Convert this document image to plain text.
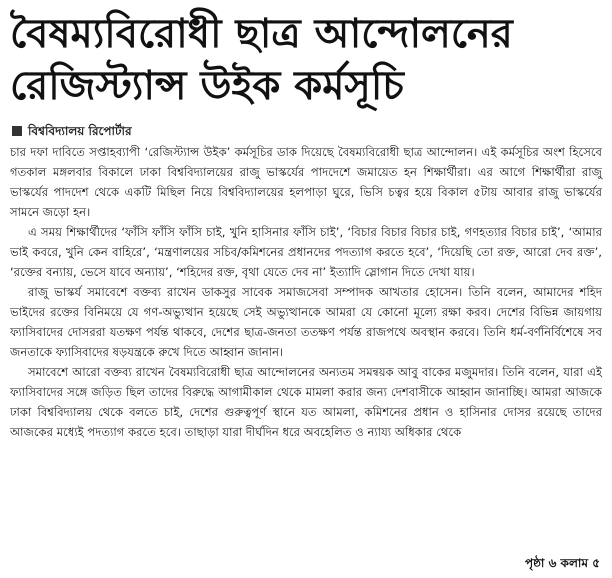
বৈষম্যবিরোধী ছাত্র আন্দোলনের
রেজিস্ট্যান্স উইক কর্মসূচি
বিশ্ববিদ্যালয় রিপোর্টার

চার দফা দাবিতে সপ্তাহব্যাপী ‘রেজিস্ট্যান্স উইক’ কর্মসূচির ডাক দিয়েছে বৈষম্যবিরোধী ছাত্র আন্দোলন। এই কর্মসূচির অংশ হিসেবে গতকাল মঙ্গলবার বিকালে ঢাকা বিশ্ববিদ্যালয়ের রাজু ভাস্কর্যের পাদদেশে জমায়েত হন শিক্ষার্থীরা। এর আগে শিক্ষার্থীরা রাজু ভাস্কর্যের পাদদেশ থেকে একটি মিছিল নিয়ে বিশ্ববিদ্যালয়ের হলপাড়া ঘুরে, ভিসি চত্বর হয়ে বিকাল ৫টায় আবার রাজু ভাস্কর্যের সামনে জড়ো হন।

এ সময় শিক্ষার্থীদের ‘ফাঁসি ফাঁসি ফাঁসি চাই, খুনি হাসিনার ফাঁসি চাই’, ‘বিচার বিচার বিচার চাই, গণহত্যার বিচার চাই’, ‘আমার ভাই কবরে, খুনি কেন বাহিরে’, ‘মন্ত্রণালয়ের সচিব/কমিশনের প্রধানদের পদত্যাগ করতে হবে’, ‘দিয়েছি তো রক্ত, আরো দেব রক্ত’, ‘রক্তের বন্যায়, ভেসে যাবে অন্যায়’, ‘শহিদের রক্ত, বৃথা যেতে দেব না’ ইত্যাদি স্লোগান দিতে দেখা যায়।

রাজু ভাস্কর্য সমাবেশে বক্তব্য রাখেন ডাকসুর সাবেক সমাজসেবা সম্পাদক আখতার হোসেন। তিনি বলেন, আমাদের শহিদ ভাইদের রক্তের বিনিময়ে যে গণ-অভ্যুত্থান হয়েছে সেই অভ্যুত্থানকে আমরা যে কোনো মূল্যে রক্ষা করব। দেশের বিভিন্ন জায়গায় ফ্যাসিবাদের দোসররা যতক্ষণ পর্যন্ত থাকবে, দেশের ছাত্র-জনতা ততক্ষণ পর্যন্ত রাজপথে অবস্থান করবে। তিনি ধর্ম-বর্ণনির্বিশেষে সব জনতাকে ফ্যাসিবাদের ষড়যন্ত্রকে রুখে দিতে আহ্বান জানান।

সমাবেশে আরো বক্তব্য রাখেন বৈষম্যবিরোধী ছাত্র আন্দোলনের অন্যতম সমন্বয়ক আবু বাকের মজুমদার। তিনি বলেন, যারা এই ফ্যাসিবাদের সঙ্গে জড়িত ছিল তাদের বিরুদ্ধে আগামীকাল থেকে মামলা করার জন্য দেশবাসীকে আহ্বান জানাচ্ছি। আমরা আজকে ঢাকা বিশ্ববিদ্যালয় থেকে বলতে চাই, দেশের গুরুত্বপূর্ণ স্থানে যত আমলা, কমিশনের প্রধান ও হাসিনার দোসর রয়েছে তাদের আজকের মধ্যেই পদত্যাগ করতে হবে। তাছাড়া যারা দীর্ঘদিন ধরে অবহেলিত ও ন্যায্য অধিকার থেকে

পৃষ্ঠা ৬ কলাম ৫
